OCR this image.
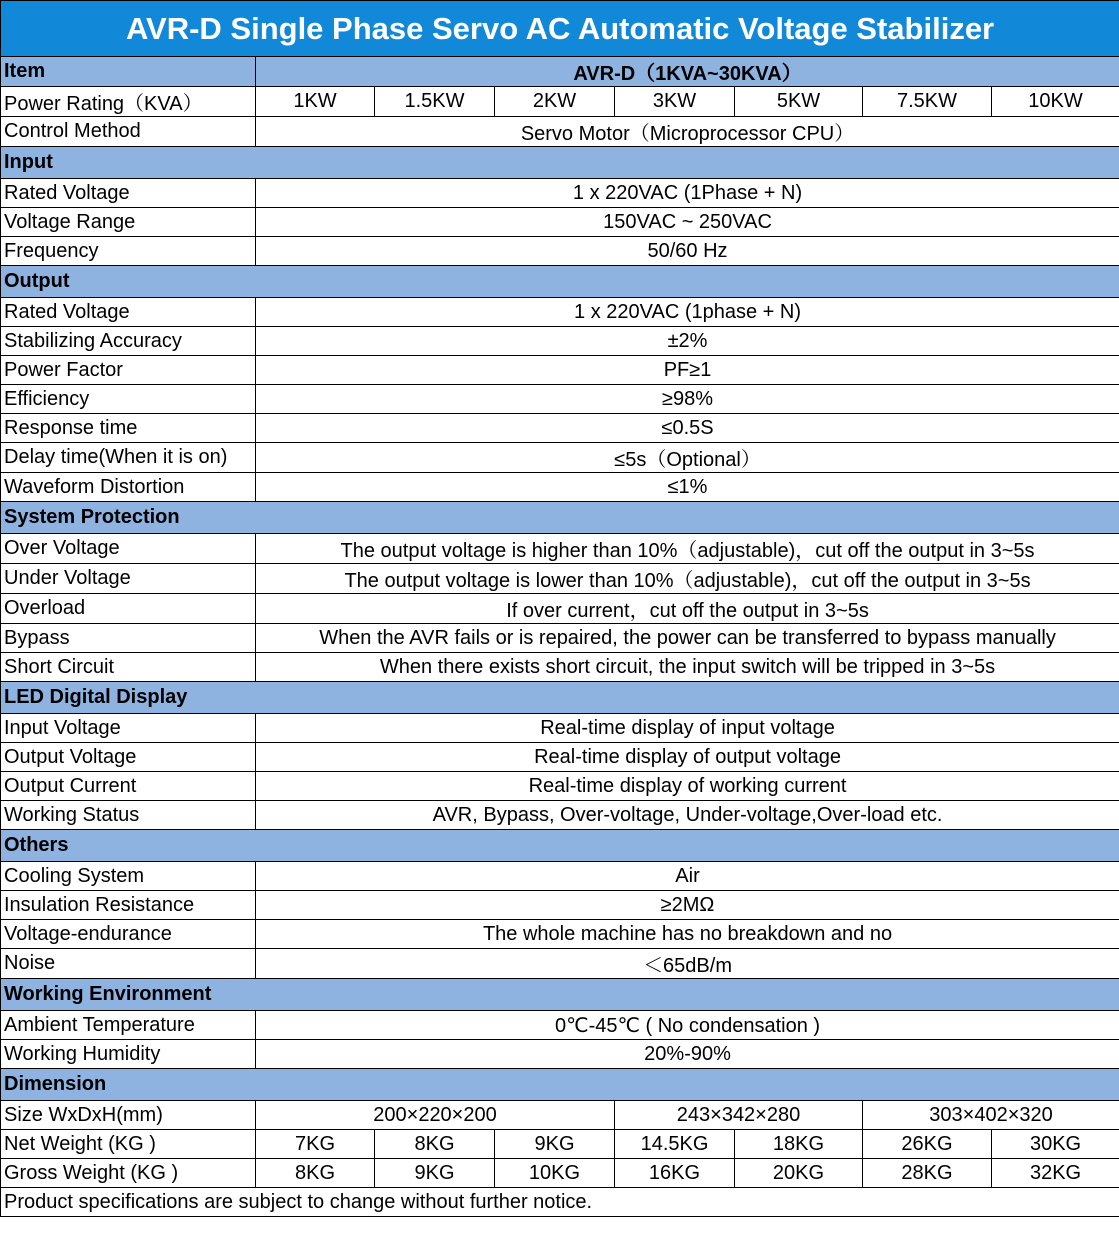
AVR-D Single Phase Servo AC Automatic Voltage Stabilizer							
Item	AVR-D（1KVA~30KVA）						
Power Rating（KVA）	1KW	1.5KW	2KW	3KW	5KW	7.5KW	10KW
Control Method	Servo Motor（Microprocessor CPU）						
Input							
Rated Voltage	1 x 220VAC (1Phase + N)						
Voltage Range	150VAC ~ 250VAC						
Frequency	50/60 Hz						
Output							
Rated Voltage	1 x 220VAC (1phase + N)						
Stabilizing Accuracy	±2%						
Power Factor	PF≥1						
Efficiency	≥98%						
Response time	≤0.5S						
Delay time(When it is on)	≤5s（Optional）						
Waveform Distortion	≤1%						
System Protection							
Over Voltage	The output voltage is higher than 10%（adjustable)，cut off the output in 3~5s						
Under Voltage	The output voltage is lower than 10%（adjustable)，cut off the output in 3~5s						
Overload	If over current，cut off the output in 3~5s						
Bypass	When the AVR fails or is repaired, the power can be transferred to bypass manually						
Short Circuit	When there exists short circuit, the input switch will be tripped in 3~5s						
LED Digital Display							
Input Voltage	Real-time display of input voltage						
Output Voltage	Real-time display of output voltage						
Output Current	Real-time display of working current						
Working Status	AVR, Bypass, Over-voltage, Under-voltage,Over-load etc.						
Others							
Cooling System	Air						
Insulation Resistance	≥2MΩ						
Voltage-endurance	The whole machine has no breakdown and no						
Noise	＜65dB/m						
Working Environment							
Ambient Temperature	0℃-45℃ ( No condensation )						
Working Humidity	20%-90%						
Dimension							
Size WxDxH(mm)	200×220×200			243×342×280		303×402×320	
Net Weight (KG )	7KG	8KG	9KG	14.5KG	18KG	26KG	30KG
Gross Weight (KG )	8KG	9KG	10KG	16KG	20KG	28KG	32KG
Product specifications are subject to change without further notice.							
